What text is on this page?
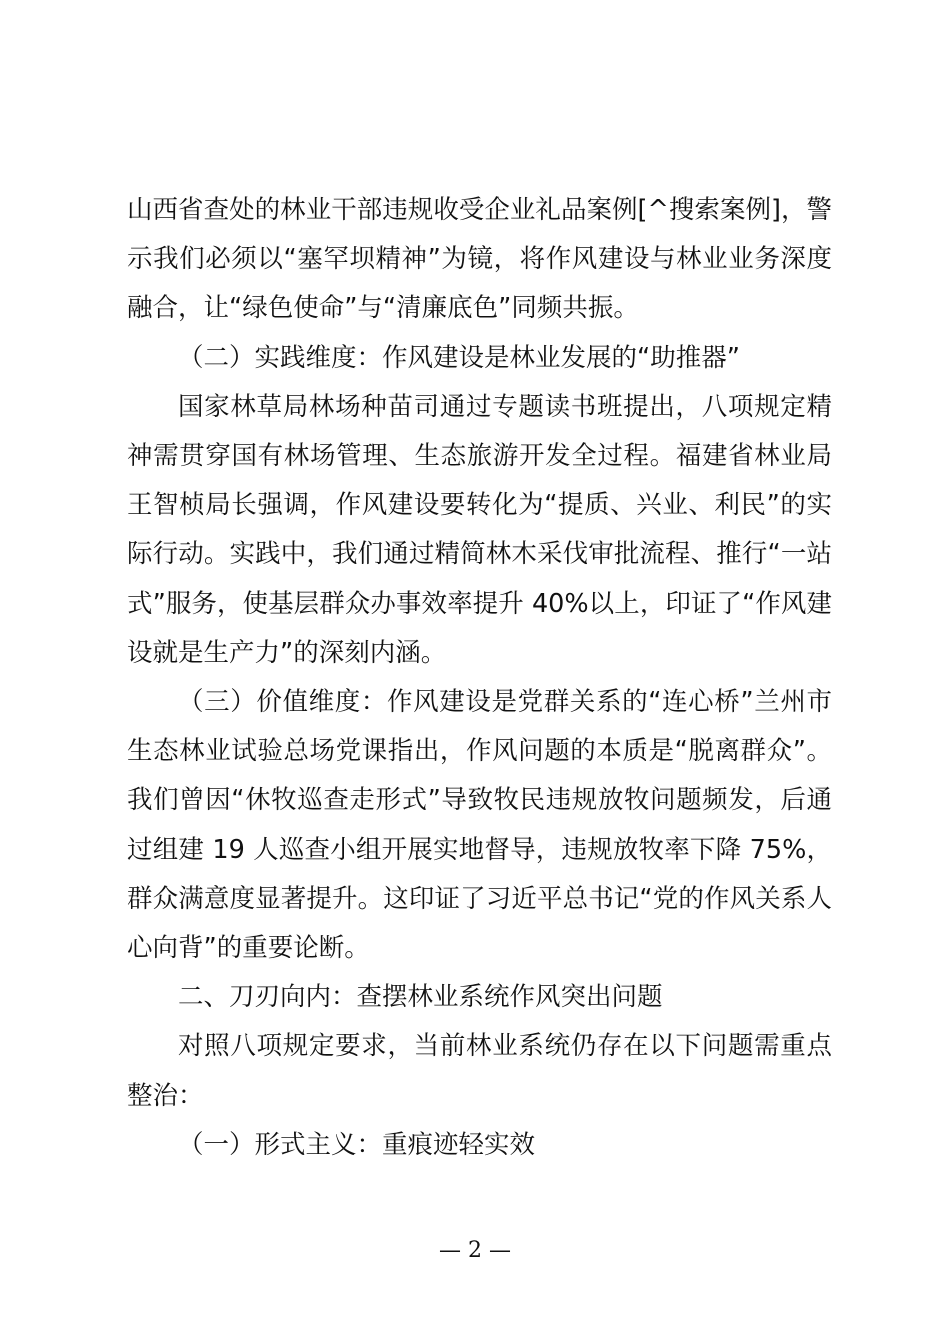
山西省查处的林业干部违规收受企业礼品案例[^搜索案例]，警示我们必须以“塞罕坝精神”为镜，将作风建设与林业业务深度融合，让“绿色使命”与“清廉底色”同频共振。

（二）实践维度：作风建设是林业发展的“助推器”

国家林草局林场种苗司通过专题读书班提出，八项规定精神需贯穿国有林场管理、生态旅游开发全过程。福建省林业局王智桢局长强调，作风建设要转化为“提质、兴业、利民”的实际行动。实践中，我们通过精简林木采伐审批流程、推行“一站式”服务，使基层群众办事效率提升 40%以上，印证了“作风建设就是生产力”的深刻内涵。

（三）价值维度：作风建设是党群关系的“连心桥”兰州市生态林业试验总场党课指出，作风问题的本质是“脱离群众”。我们曾因“休牧巡查走形式”导致牧民违规放牧问题频发，后通过组建 19 人巡查小组开展实地督导，违规放牧率下降 75%，群众满意度显著提升。这印证了习近平总书记“党的作风关系人心向背”的重要论断。

二、刀刃向内：查摆林业系统作风突出问题

对照八项规定要求，当前林业系统仍存在以下问题需重点整治：

（一）形式主义：重痕迹轻实效

— 2 —
